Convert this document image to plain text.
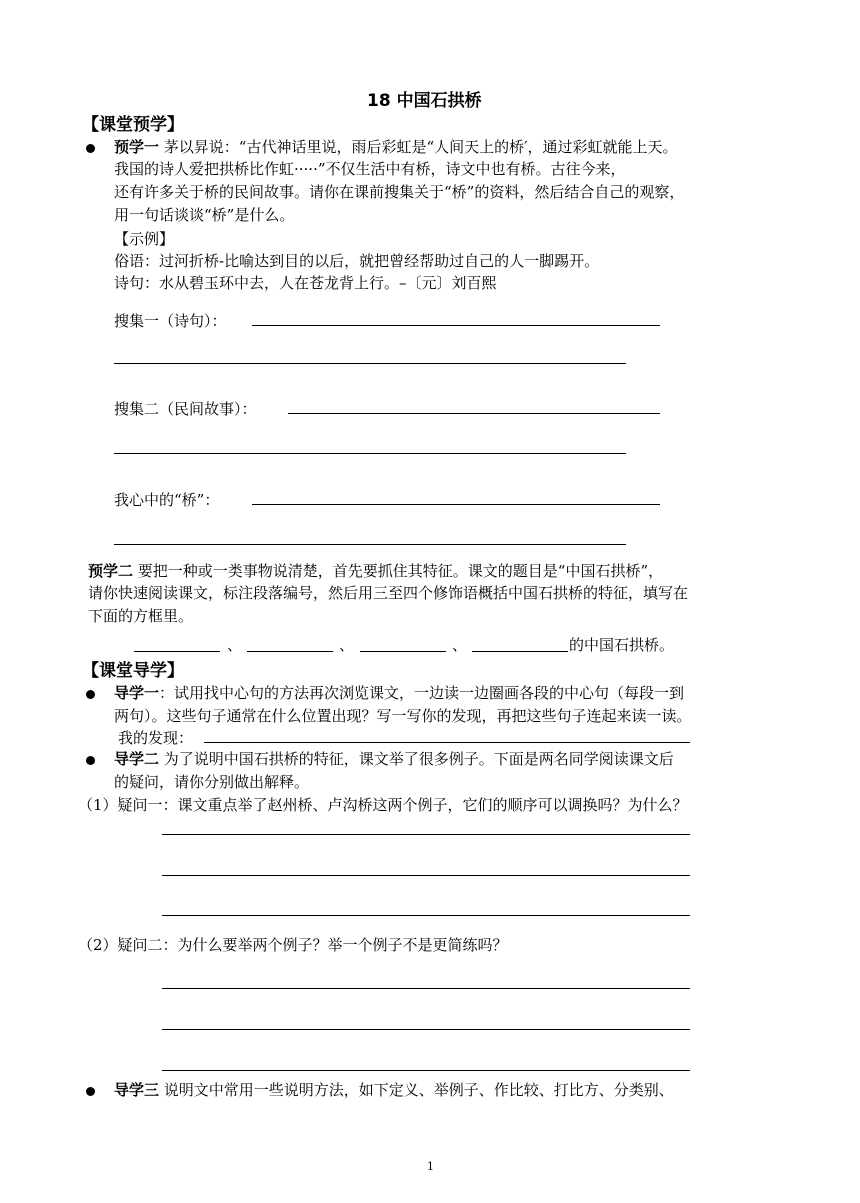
18 中国石拱桥
【课堂预学】
预学一 茅以昇说：“古代神话里说，雨后彩虹是“人间天上的桥′，通过彩虹就能上天。
我国的诗人爱把拱桥比作虹·····”不仅生活中有桥，诗文中也有桥。古往今来，
还有许多关于桥的民间故事。请你在课前搜集关于“桥”的资料，然后结合自己的观察，
用一句话谈谈“桥”是什么。
【示例】
俗语：过河折桥-比喻达到目的以后，就把曾经帮助过自己的人一脚踢开。
诗句：水从碧玉环中去，人在苍龙背上行。–〔元〕刘百熙
搜集一（诗句）：
搜集二（民间故事）：
我心中的“桥”：
预学二 要把一种或一类事物说清楚，首先要抓住其特征。课文的题目是“中国石拱桥”，
请你快速阅读课文，标注段落编号，然后用三至四个修饰语概括中国石拱桥的特征，填写在
下面的方框里。
、	、	、	的中国石拱桥。
【课堂导学】
导学一：试用找中心句的方法再次浏览课文，一边读一边圈画各段的中心句（每段一到
两句）。这些句子通常在什么位置出现？写一写你的发现，再把这些句子连起来读一读。
我的发现：
导学二 为了说明中国石拱桥的特征，课文举了很多例子。下面是两名同学阅读课文后
的疑问，请你分别做出解释。
（1）疑问一：课文重点举了赵州桥、卢沟桥这两个例子，它们的顺序可以调换吗？为什么？
（2）疑问二：为什么要举两个例子？举一个例子不是更简练吗？
导学三 说明文中常用一些说明方法，如下定义、举例子、作比较、打比方、分类别、
1
